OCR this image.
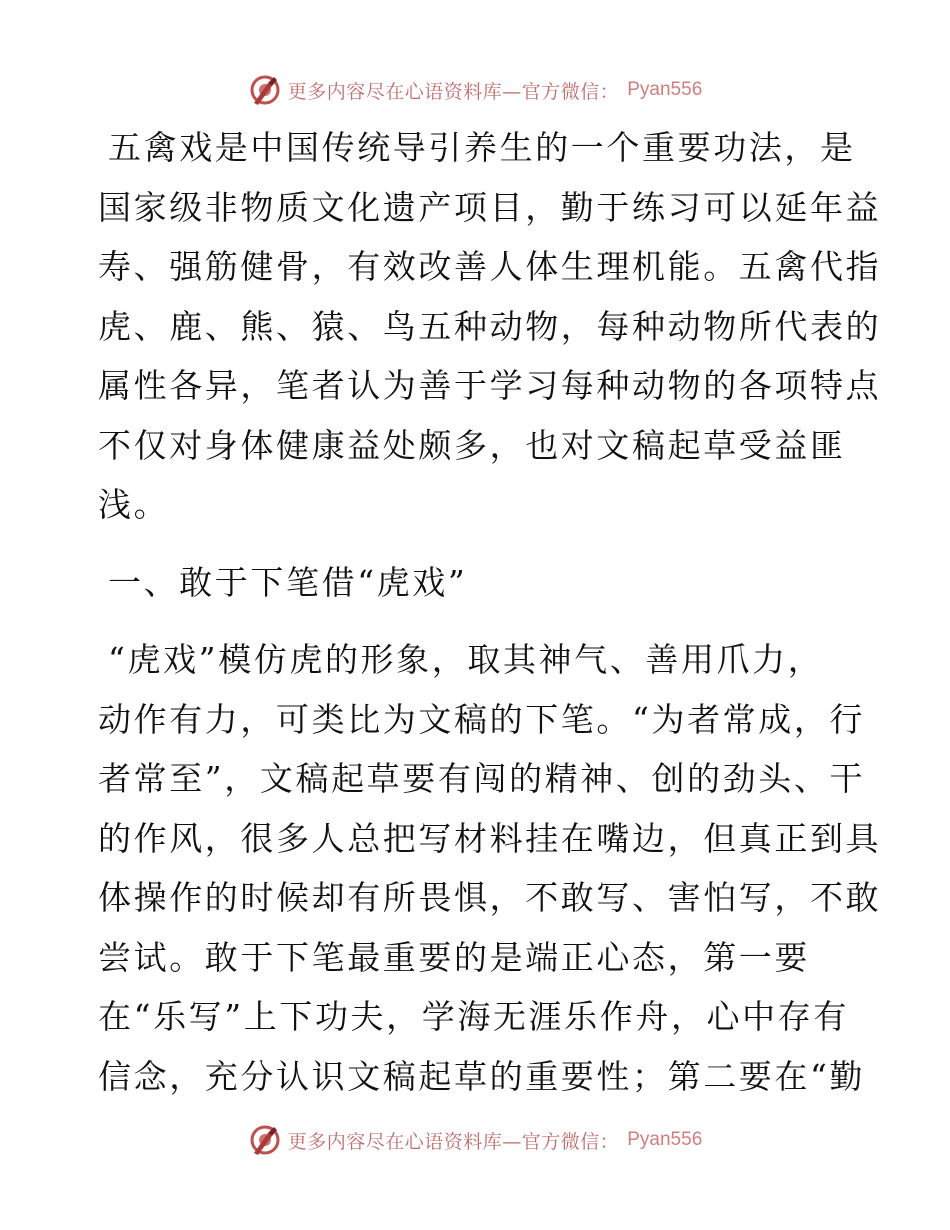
更多内容尽在心语资料库—官方微信： Pyan556
五禽戏是中国传统导引养生的一个重要功法，是
国家级非物质文化遗产项目，勤于练习可以延年益
寿、强筋健骨，有效改善人体生理机能。五禽代指
虎、鹿、熊、猿、鸟五种动物，每种动物所代表的
属性各异，笔者认为善于学习每种动物的各项特点
不仅对身体健康益处颇多，也对文稿起草受益匪
浅。
一、敢于下笔借“虎戏”
“虎戏”模仿虎的形象，取其神气、善用爪力，
动作有力，可类比为文稿的下笔。“为者常成，行
者常至”，文稿起草要有闯的精神、创的劲头、干
的作风，很多人总把写材料挂在嘴边，但真正到具
体操作的时候却有所畏惧，不敢写、害怕写，不敢
尝试。敢于下笔最重要的是端正心态，第一要
在“乐写”上下功夫，学海无涯乐作舟，心中存有
信念，充分认识文稿起草的重要性；第二要在“勤
更多内容尽在心语资料库—官方微信： Pyan556
